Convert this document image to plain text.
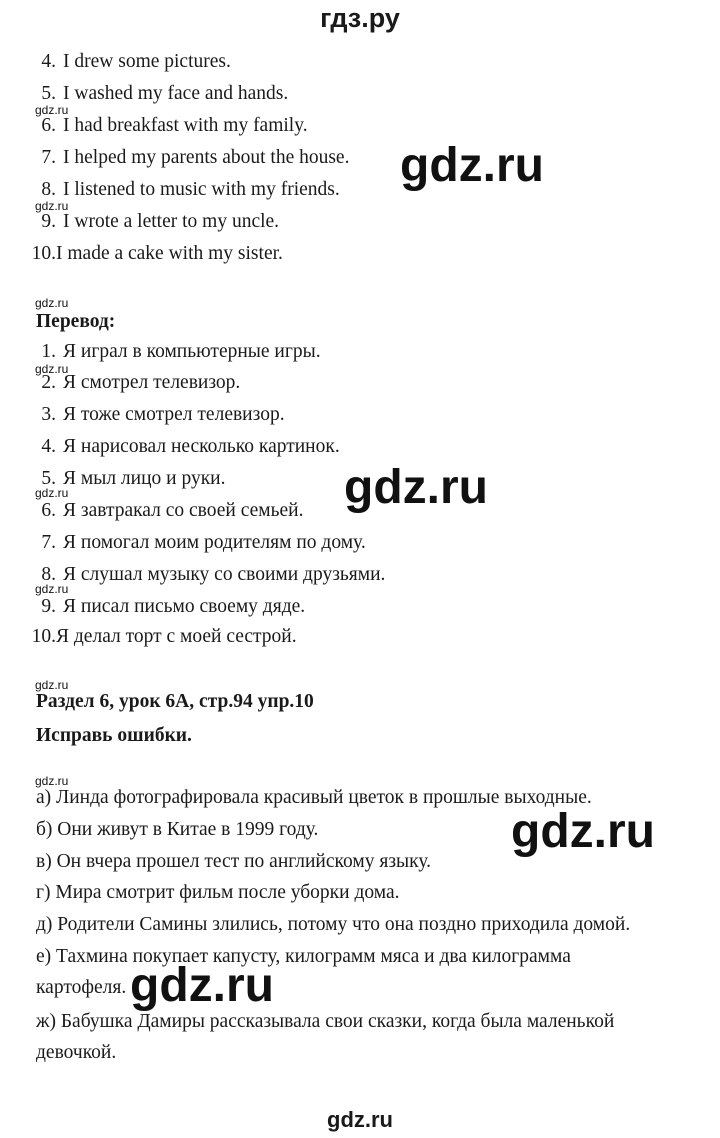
гдз.ру
4. I drew some pictures.
5. I washed my face and hands.
6. I had breakfast with my family.
7. I helped my parents about the house.
8. I listened to music with my friends.
9. I wrote a letter to my uncle.
10.I made a cake with my sister.
Перевод:
1. Я играл в компьютерные игры.
2. Я смотрел телевизор.
3. Я тоже смотрел телевизор.
4. Я нарисовал несколько картинок.
5. Я мыл лицо и руки.
6. Я завтракал со своей семьей.
7. Я помогал моим родителям по дому.
8. Я слушал музыку со своими друзьями.
9. Я писал письмо своему дяде.
10.Я делал торт с моей сестрой.
Раздел 6, урок 6А, стр.94 упр.10
Исправь ошибки.
а) Линда фотографировала красивый цветок в прошлые выходные.
б) Они живут в Китае в 1999 году.
в) Он вчера прошел тест по английскому языку.
г) Мира смотрит фильм после уборки дома.
д) Родители Самины злились, потому что она поздно приходила домой.
е) Тахмина покупает капусту, килограмм мяса и два килограмма
картофеля.
ж) Бабушка Дамиры рассказывала свои сказки, когда была маленькой
девочкой.
gdz.ru
gdz.ru
gdz.ru
gdz.ru
gdz.ru
gdz.ru
gdz.ru
gdz.ru
gdz.ru
gdz.ru
gdz.ru
gdz.ru
gdz.ru
